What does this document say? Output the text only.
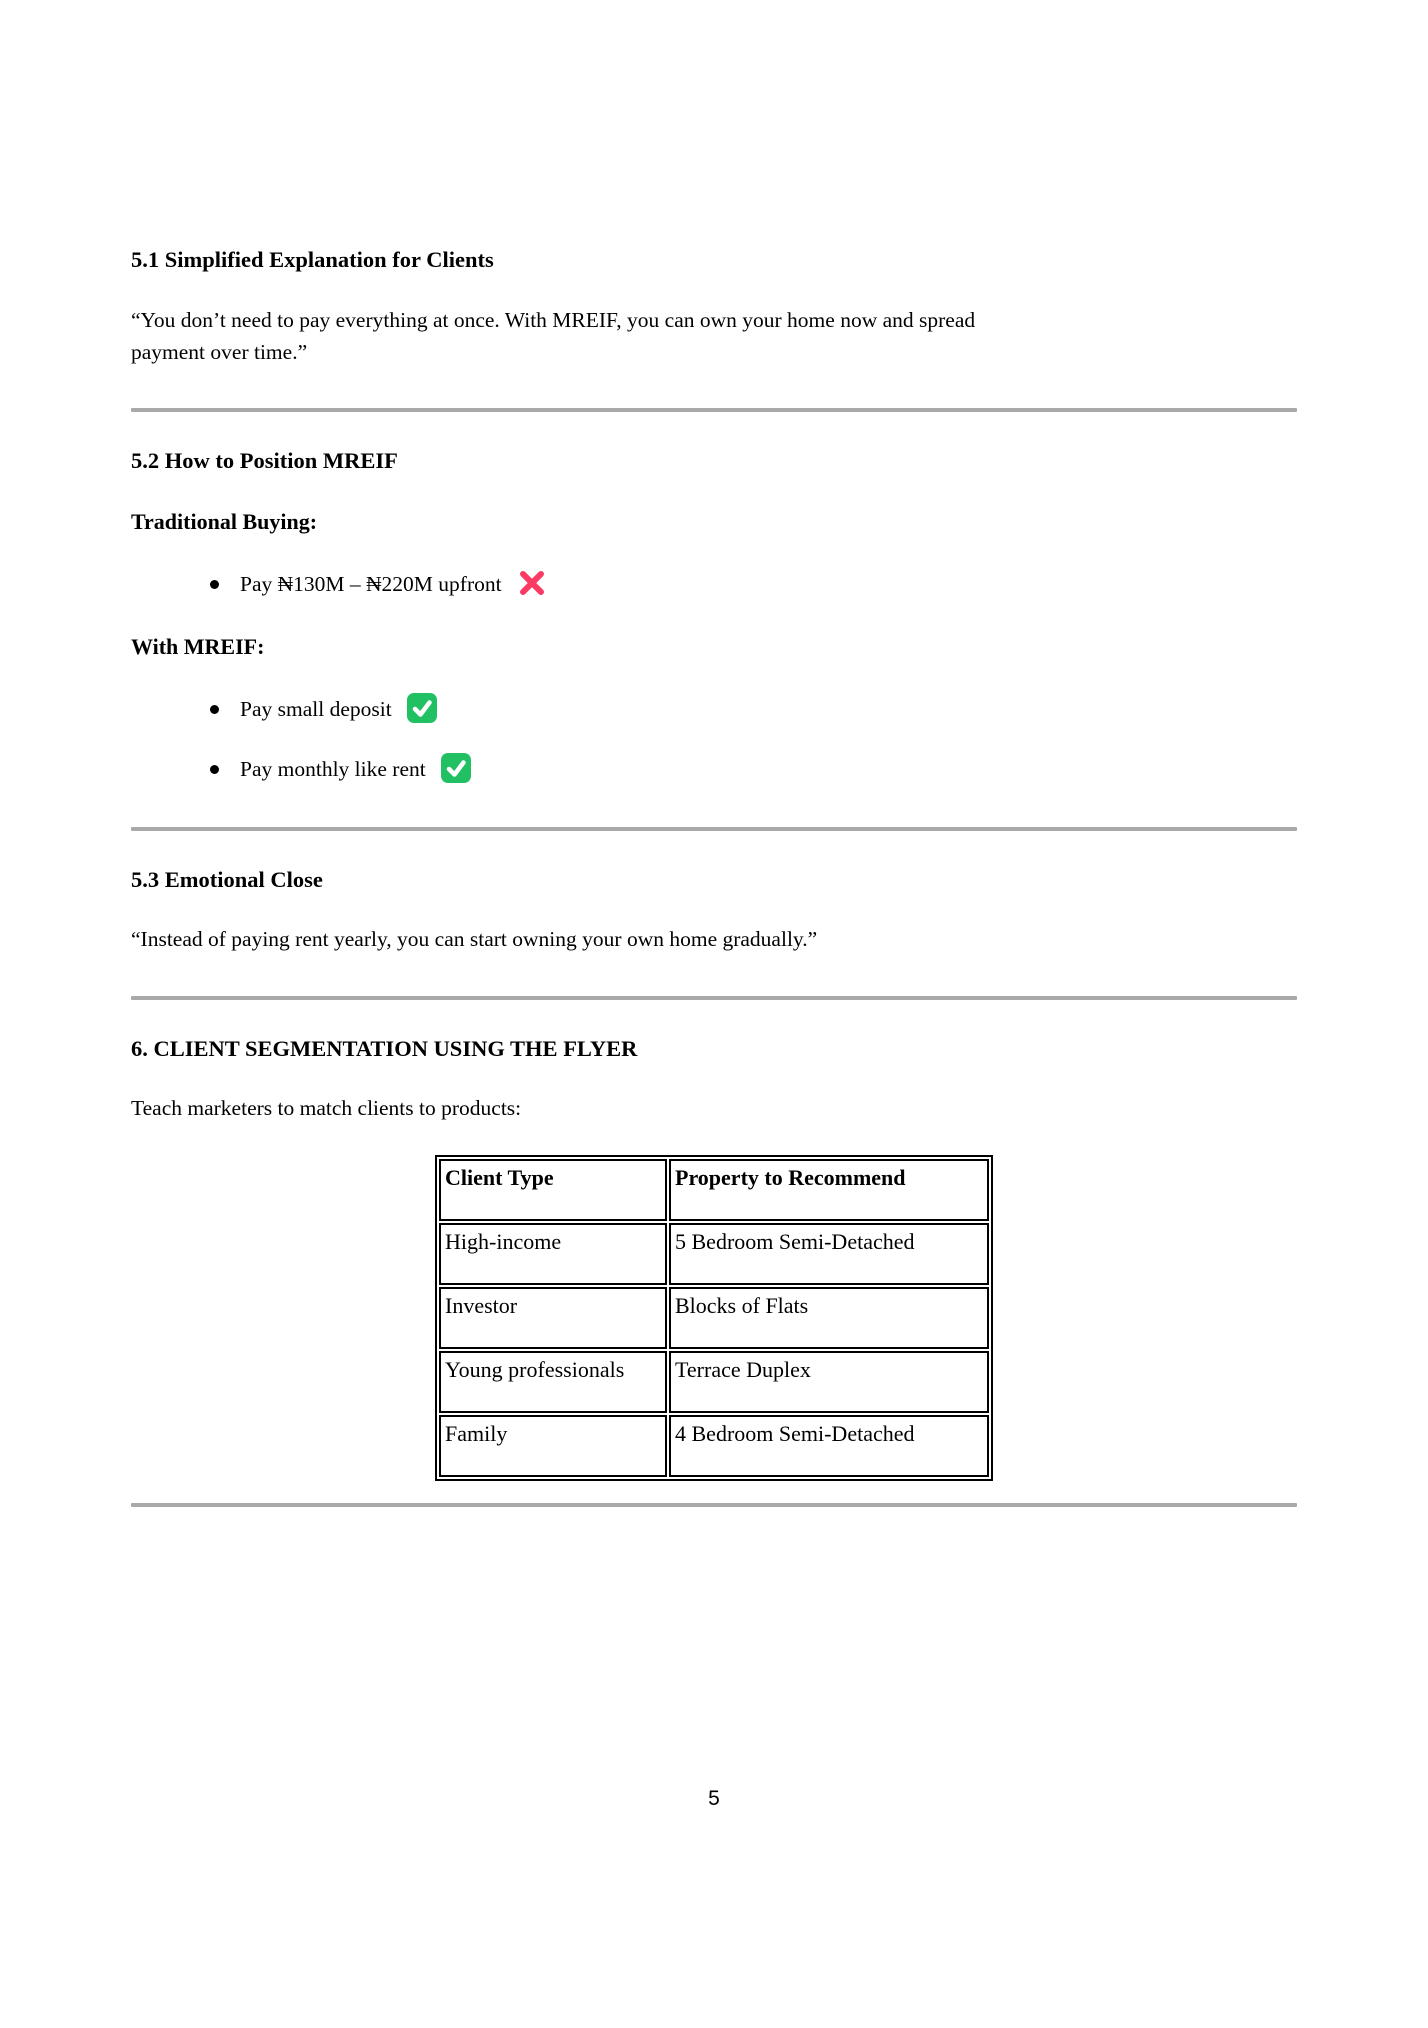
5.1 Simplified Explanation for Clients

“You don’t need to pay everything at once. With MREIF, you can own your home now and spread payment over time.”

5.2 How to Position MREIF

Traditional Buying:

Pay ₦130M – ₦220M upfront

With MREIF:

Pay small deposit
Pay monthly like rent
5.3 Emotional Close

“Instead of paying rent yearly, you can start owning your own home gradually.”

6. CLIENT SEGMENTATION USING THE FLYER

Teach marketers to match clients to products:

Client Type	Property to Recommend
High-income	5 Bedroom Semi-Detached
Investor	Blocks of Flats
Young professionals	Terrace Duplex
Family	4 Bedroom Semi-Detached
5
